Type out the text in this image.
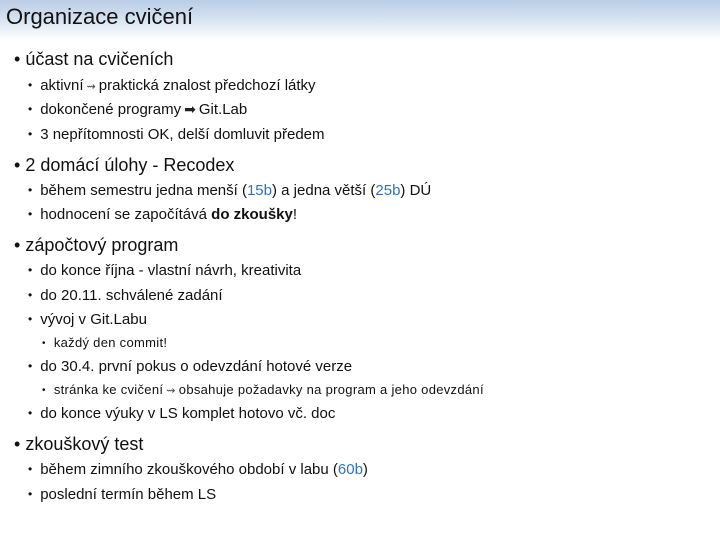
Organizace cvičení
• účast na cvičeních
• aktivní ⇝ praktická znalost předchozí látky
• dokončené programy ➡ Git.Lab
• 3 nepřítomnosti OK, delší domluvit předem
• 2 domácí úlohy - Recodex
• během semestru jedna menší (15b) a jedna větší (25b) DÚ
• hodnocení se započítává do zkoušky!
• zápočtový program
• do konce října - vlastní návrh, kreativita
• do 20.11. schválené zadání
• vývoj v Git.Labu
• každý den commit!
• do 30.4. první pokus o odevzdání hotové verze
• stránka ke cvičení ⇝ obsahuje požadavky na program a jeho odevzdání
• do konce výuky v LS komplet hotovo vč. doc
• zkouškový test
• během zimního zkouškového období v labu (60b)
• poslední termín během LS
